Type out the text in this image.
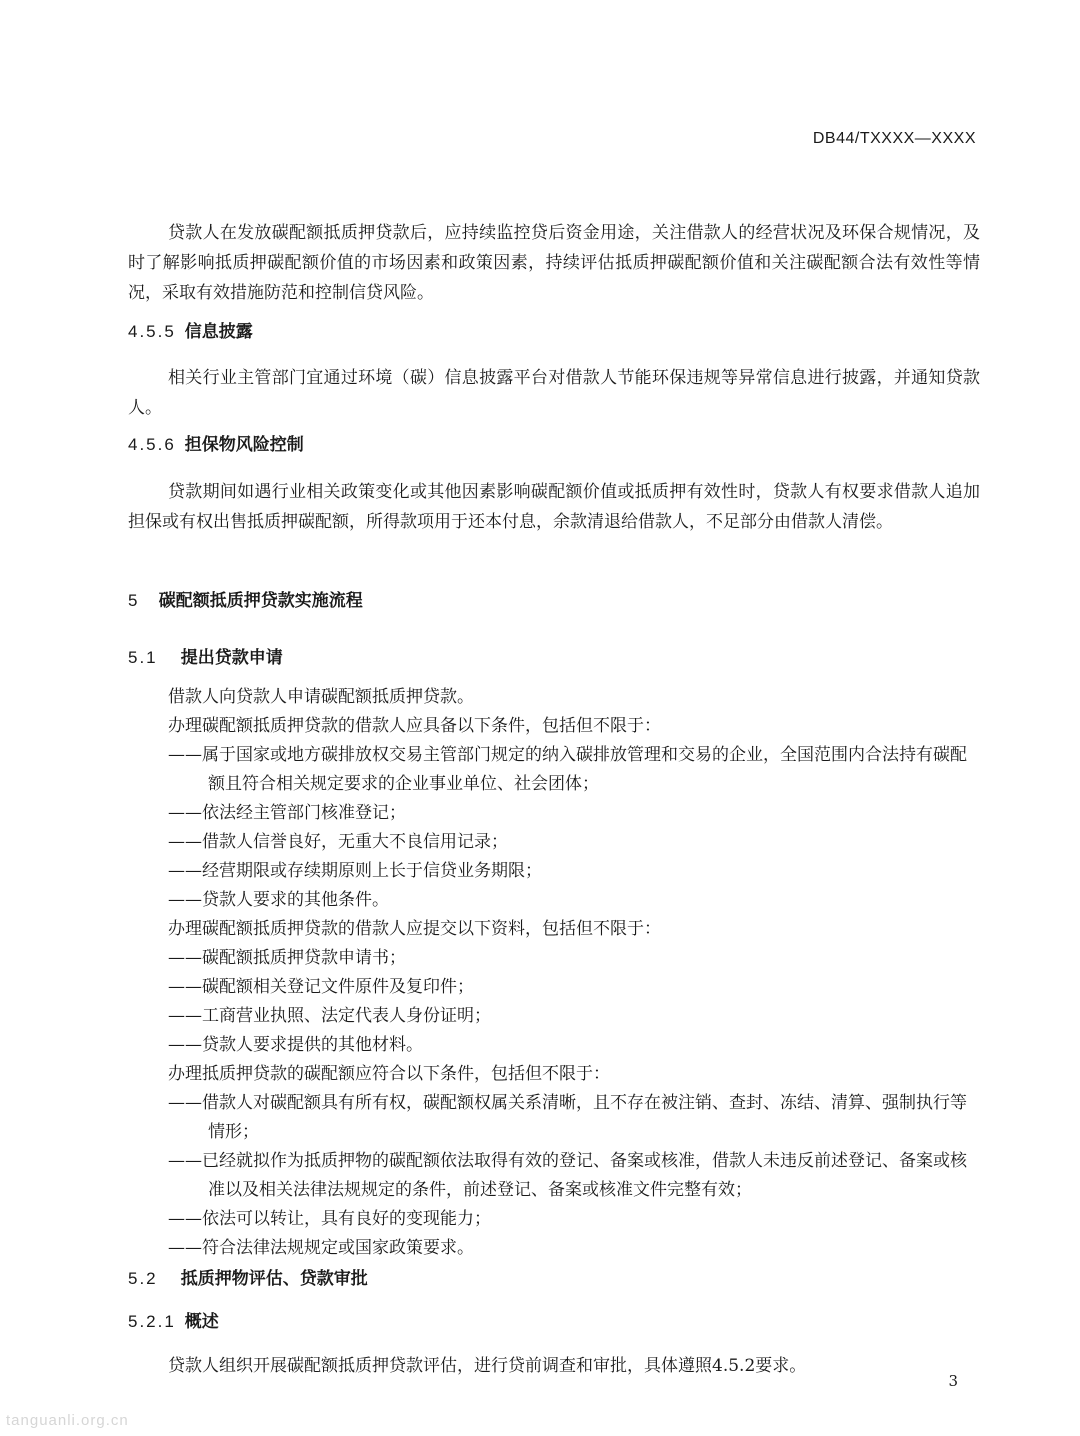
DB44/TXXXX—XXXX

贷款人在发放碳配额抵质押贷款后，应持续监控贷后资金用途，关注借款人的经营状况及环保合规情况，及时了解影响抵质押碳配额价值的市场因素和政策因素，持续评估抵质押碳配额价值和关注碳配额合法有效性等情况，采取有效措施防范和控制信贷风险。

4.5.5 信息披露

相关行业主管部门宜通过环境（碳）信息披露平台对借款人节能环保违规等异常信息进行披露，并通知贷款人。

4.5.6 担保物风险控制

贷款期间如遇行业相关政策变化或其他因素影响碳配额价值或抵质押有效性时，贷款人有权要求借款人追加担保或有权出售抵质押碳配额，所得款项用于还本付息，余款清退给借款人，不足部分由借款人清偿。

5 碳配额抵质押贷款实施流程

5.1 提出贷款申请

借款人向贷款人申请碳配额抵质押贷款。

办理碳配额抵质押贷款的借款人应具备以下条件，包括但不限于：

——属于国家或地方碳排放权交易主管部门规定的纳入碳排放管理和交易的企业，全国范围内合法持有碳配额且符合相关规定要求的企业事业单位、社会团体；

——依法经主管部门核准登记；

——借款人信誉良好，无重大不良信用记录；

——经营期限或存续期原则上长于信贷业务期限；

——贷款人要求的其他条件。

办理碳配额抵质押贷款的借款人应提交以下资料，包括但不限于：

——碳配额抵质押贷款申请书；

——碳配额相关登记文件原件及复印件；

——工商营业执照、法定代表人身份证明；

——贷款人要求提供的其他材料。

办理抵质押贷款的碳配额应符合以下条件，包括但不限于：

——借款人对碳配额具有所有权，碳配额权属关系清晰，且不存在被注销、查封、冻结、清算、强制执行等情形；

——已经就拟作为抵质押物的碳配额依法取得有效的登记、备案或核准，借款人未违反前述登记、备案或核准以及相关法律法规规定的条件，前述登记、备案或核准文件完整有效；

——依法可以转让，具有良好的变现能力；

——符合法律法规规定或国家政策要求。

5.2 抵质押物评估、贷款审批

5.2.1 概述

贷款人组织开展碳配额抵质押贷款评估，进行贷前调查和审批，具体遵照4.5.2要求。

3
tanguanli.org.cn
